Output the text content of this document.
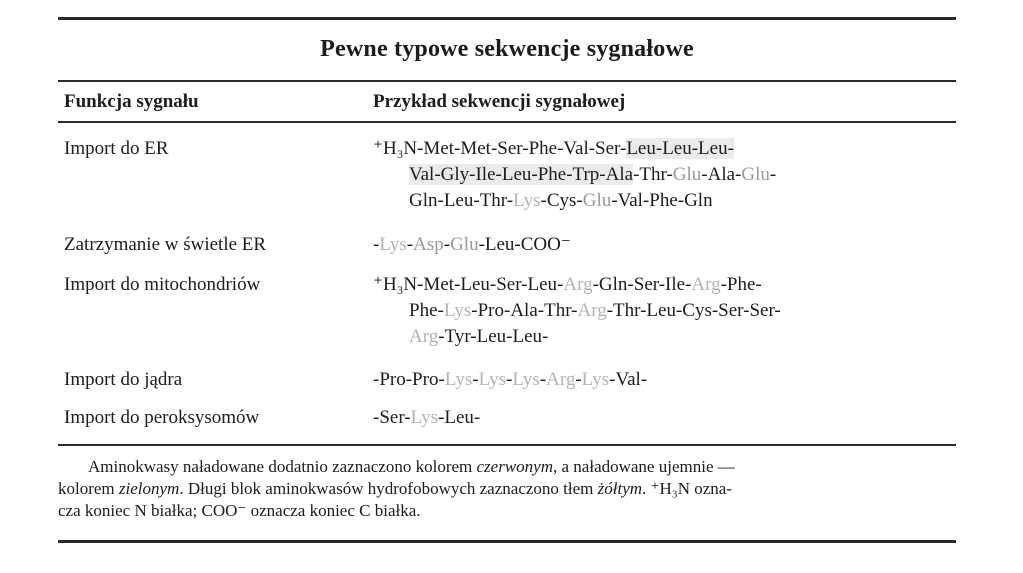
Pewne typowe sekwencje sygnałowe
Funkcja sygnału	Przykład sekwencji sygnałowej
Import do ER	⁺H₃N-Met-Met-Ser-Phe-Val-Ser-Leu-Leu-Leu-
Val-Gly-Ile-Leu-Phe-Trp-Ala-Thr-Glu-Ala-Glu-
Gln-Leu-Thr-Lys-Cys-Glu-Val-Phe-Gln
Zatrzymanie w świetle ER	-Lys-Asp-Glu-Leu-COO⁻
Import do mitochondriów	⁺H₃N-Met-Leu-Ser-Leu-Arg-Gln-Ser-Ile-Arg-Phe-
Phe-Lys-Pro-Ala-Thr-Arg-Thr-Leu-Cys-Ser-Ser-
Arg-Tyr-Leu-Leu-
Import do jądra	-Pro-Pro-Lys-Lys-Lys-Arg-Lys-Val-
Import do peroksysomów	-Ser-Lys-Leu-
Aminokwasy naładowane dodatnio zaznaczono kolorem czerwonym, a naładowane ujemnie —
kolorem zielonym. Długi blok aminokwasów hydrofobowych zaznaczono tłem żółtym. ⁺H₃N ozna-
cza koniec N białka; COO⁻ oznacza koniec C białka.
